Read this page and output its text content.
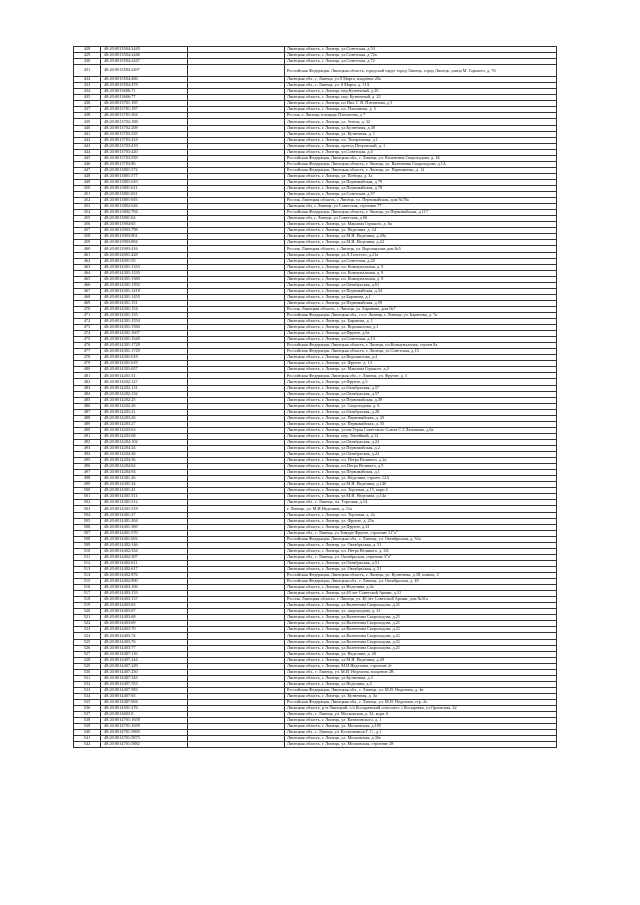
428	48:20:0013504:2445		Липецкая область, г. Липецк, ул.Советская, д.54
429	48:20:0013504:2446		Липецкая область, г. Липецк, ул.Советская, д.72а
430	48:20:0013504:2447		Липецкая область, г. Липецк, ул.Советская, д.72
431	48:20:0013504:2497		Российская Федерация, Липецкая область, городской округ город Липецк, город Липецк, улица М. Горького, д. 76
432	48:20:0013504:466		Липецкая обл., г. Липецк, ул 8 Марта, владение 20а
433	48:20:0013504:478		Липецкая обл., г. Липецк, ул. 8 Марта, д. 11А
434	48:20:0013606:71		Липецкая область, г. Липецк, пер.Кузнечный, д.20
435	48:20:0013606:77		Липецкая область, г. Липецк, пер. Кузнечный, д. 22
436	48:20:0013701:185		Липецкая область, г. Липецк, пл Ивл. Г. В. Плеханова, д 5
437	48:20:0013701:187		Липецкая область, г. Липецк, пл. Плеханова, д. 5
438	48:20:0013701:304		Россия, г. Липецк, площадь Плеханова, д 7
439	48:20:0013702:188		Липецкая область, г. Липецк, ул. Зегеля, д. 32
440	48:20:0013702:208		Липецкая область, г. Липецк, ул.Кузнечная, д.40
441	48:20:0013703:335		Липецкая область, г. Липецк, ул. Кузнечная, д. 1
442	48:20:0013703:418		Липецкая область, г. Липецк, пл. Театральная, д.1
443	48:20:0013703:419		Липецкая область, г. Липецк, проезд Петровский, д. 1
444	48:20:0013703:420		Липецкая область, г. Липецк, ул.Советская, д.4
445	48:20:0013703:559		Российская Федерация, Липецкая обл., г. Липецк, ул. Валентина Скороходова, д. 1Б
446	48:20:0013703:86		Российская Федерация, Липецкая область, г. Липецк, ул. Валентина Скороходова, д.1А
447	48:20:0013801:572		Российская Федерация, Липецкая область, г. Липецк, ул. Пархоменко, д. 12
448	48:20:0013801:577		Липецкая область, г. Липецк, ул. Победы, д. 3а
449	48:20:0013801:610		Липецкая область, г. Липецк, ул.Первомайская, д.78
450	48:20:0013801:611		Липецкая область, г. Липецк, ул.Первомайская, д.78
451	48:20:0013801:651		Липецкая область, г. Липецк, ул.Советская, д.57
452	48:20:0013801:655		Россия, Липецкая область, г. Липецк, ул. Первомайская, дом №78а
453	48:20:0013802:626		Липецкая обл, г. Липецк, ул Советская, строение 77
454	48:20:0013802:784		Российская Федерация, Липецкая область, г. Липецк, ул.Первомайская, д.117
455	48:20:0013901:62		Липецкая обл, г. Липецк, ул Советская, д 66
456	48:20:0013904:65		Липецкая область, г. Липецк, ул. Максима Горького, д. 6а
457	48:20:0013903:798		Липецкая область, г. Липецк, ул. Неделина, д. 24
458	48:20:0013903:801		Липецкая область, г. Липецк, ул.М.И. Неделина, д.20а
459	48:20:0013903:804		Липецкая область, г. Липецк, ул.М.И. Неделина, д.22
460	48:20:0013903:416		Россия, Липецкая область, г. Липецк, ул. Ворошилова дом №5
461	48:20:0014001:428		Липецкая область, г. Липецк, ул.Л.Толстого, д.21а
462	48:20:0014001:55		Липецкая область, г. Липецк, ул.Советская, д.20
463	48:20:0014301:1333		Липецкая область, г. Липецк, пл. Коммунальная, д. 5
464	48:20:0014301:1335		Липецкая область, г. Липецк, пл. Коммунальная, д. 9
465	48:20:0014301:1369		Липецкая область, г. Липецк, пл. Коммунальная, д. 9
466	48:20:0014301:1392		Липецкая область, г. Липецк, ул.Октябрьская, д.61
467	48:20:0014301:1418		Липецкая область, г. Липецк, ул.Первомайская, д.34
468	48:20:0014301:1455		Липецкая область, г. Липецк, ул.Баранова, д.1
469	48:20:0014301:151		Липецкая область, г. Липецк, ул.Первомайская, д.59
470	48:20:0014301:154		Россия, Липецкая область, г. Липецк, ул. Баранова, дом №7
471	48:20:0014301:155		Российская Федерация, Липецкая обл., г.о.г. Липецк, г. Липецк, ул. Баранова, д. 7а
472	48:20:0014301:1554		Липецкая область, г. Липецк, ул. Баранова, д. 1
473	48:20:0014301:1560		Липецкая область, г. Липецк, ул. Ворошилова, д.1
474	48:20:0014301:1607		Липецкая область, г. Липецк, ул.Фрунзе, д.6а
475	48:20:0014301:1649		Липецкая область, г. Липецк, ул.Советская, д.13
476	48:20:0014301:1728		Российская Федерация, Липецкая область, г. Липецк, пл.Коммунальная, строен 8а
477	48:20:0014301:1729		Российская Федерация, Липецкая область, г. Липецк, ул.Советская, д.15
478	48:20:0014301:618		Липецкая область, г. Липецк, ул.Ворошилова, д.4
479	48:20:0014301:619		Липецкая область, г. Липецк, ул. Фрунзе, д. 14
480	48:20:0014301:657		Липецкая область, г. Липецк, ул. Максима Горького, д.4
481	48:20:0014201:51		Российская Федерация, Липецкая обл., г. Липецк, ул. Фрунзе, д. 3
482	48:20:0014202:127		Липецкая область, г. Липецк, ул.Фрунзе, д.5
483	48:20:0014202:131		Липецкая область, г. Липецк, ул.Октябрьская, д.57
484	48:20:0014202:132		Липецкая область, г. Липецк, ул.Октябрьская, д.57
485	48:20:0014202:25		Липецкая область, г. Липецк, ул.Первомайская, д.49
486	48:20:0014202:26		Липецкая область, г. Липецк, ул. Скороходова, д. 6
487	48:20:0014203:21		Липецкая область, г. Липецк, ул.Октябрьская, д.28
488	48:20:0014203:26		Липецкая область, г. Липецк, ул. Первомайская, д. 35
489	48:20:0014203:27		Липецкая область, г. Липецк, ул. Первомайская, д. 35
490	48:20:0014203:63		Липецкая область, г. Липецк, ул.им Героя Советского Союза С.Г.Латышева, д.6а
491	48:20:0014203:68		Липецкая область, г. Липецк, пер. Литейный, д.12
492	48:20:0014204:102		Липецкая область, г. Липецк, ул.Октябрьская, д.24
493	48:20:0014204:24		Липецкая область, г. Липецк, ул.Первомайская, д.2
494	48:20:0014204:26		Липецкая область, г. Липецк, ул.Октябрьская, д.22
495	48:20:0014204:36		Липецкая область, г. Липецк, пл. Петра Великого, д.2а
496	48:20:0014204:62		Липецкая область, г. Липецк, пл.Петра Великого, д.5
497	48:20:0014204:94		Липецкая область, г. Липецк, ул.Первомайская, д.1
498	48:20:0014301:26		Липецкая область, г. Липецк, ул. Неделина, строен. 12А
499	48:20:0014301:34		Липецкая область, г. Липецк, ул.М.И. Неделина, д.14б
500	48:20:0014301:41		Липецкая область, г. Липецк, пл. Торговая, д.15, корп.4
501	48:20:0014301:511		Липецкая область, г. Липецк, ул.М.И. Неделина, д.14а
502	48:20:0014301:512		Липецкая обл., г. Липецк, пл. Торговая, д.14
503	48:20:0014301:518		г. Липецк, ул. М.И.Неделина, д. 11а
504	48:20:0014401:27		Липецкая область, г. Липецк, пл. Торговая, д. 2а
505	48:20:0014401:284		Липецкая область, г. Липецк, ул. Фрунзе, д. 25а
506	48:20:0014401:369		Липецкая область, г. Липецк, ул.Фрунзе, д.21
507	48:20:0014401:570		Липецкая обл., г. Липецк, ул.Тимура Фрунзе, строение 21"а"
508	48:20:0014401:692		Российская Федерация, Липецкая обл., г. Липецк, ул. Октябрьская, д. 52а
509	48:20:0014402:146		Липецкая область, г. Липецк, ул. Октябрьская, д. 51
510	48:20:0014402:334		Липецкая область, г. Липецк, пл. Петра Великого, д. 4А
511	48:20:0014402:387		Липецкая обл., г. Липецк, ул. Октябрьская, строение 3"а"
512	48:20:0014402:611		Липецкая область, г. Липецк, ул.Октябрьская, д.51
513	48:20:0014402:617		Липецкая область, г. Липецк, ул. Октябрьская, д. 51
514	48:20:0014402:876		Российская Федерация, Липецкая область, г. Липецк, ул. Кузнечная, д.38, помещ. 2
515	48:20:0014402:890		Российская Федерация, Липецкая обл., г. Липецк, ул. Октябрьская, д. 49
516	48:20:0014403:106		Липецкая область, г. Липецк, ул.Неделина, д.4а
517	48:20:0014403:133		Липецкая область, г. Липецк, ул.40 лет Советской Армии, д.31
518	48:20:0014403:137		Россия, Липецкая область, г. Липецк, ул. 40 лет Советской Армии, дом №31а
519	48:20:0014403:65		Липецкая область, г. Липецк, ул.Валентина Скороходова, д.21
520	48:20:0014403:67		Липецкая область, г. Липецк, ул. скороходова, д. 21
521	48:20:0014403:68		Липецкая область, г. Липецк, ул.Валентина Скороходова, д.21
522	48:20:0014403:69		Липецкая область, г. Липецк, ул.Валентина Скороходова, д.21
523	48:20:0014403:70		Липецкая область, г. Липецк, ул.Валентина Скороходова, д.21
524	48:20:0014403:74		Липецкая область, г. Липецк, ул.Валентина Скороходова, д.21
525	48:20:0014403:76		Липецкая область, г. Липецк, ул.Валентина Скороходова, д.21
526	48:20:0014403:77		Липецкая область, г. Липецк, ул.Валентина Скороходова, д.21
527	48:20:0014407:116		Липецкая область, г. Липецк, ул. Неделина, д. 20
528	48:20:0014407:244		Липецкая область, г. Липецк, ул.М.И. Неделина, д.28
529	48:20:0014407:249		Липецкая область, г. Липецк, М.И.Неделина, строение 2г
530	48:20:0014407:250		Липецкая обл., г. Липецк, ул. М.И. Неделина, владение 2В
531	48:20:0014407:343		Липецкая область, г. Липецк, ул.Кузнечная, д.3
532	48:20:0014407:353		Липецкая область, г. Липецк, ул.Неделина, д.4
533	48:20:0014407:583		Российская Федерация, Липецкая обл., г. Липецк, ул. М.И. Неделина, д. 4в
534	48:20:0014407:65		Липецкая область, г. Липецк, ул. Кузнечная, д. 3а
535	48:20:0014407:694		Российская Федерация, Липецкая обл., г. Липецк, ул. М.И. Неделина, стр. 2о
536	48:20:0014501:276		Липецкая область, р-н Липецкий, с/п Косыревский сельсовет, с Косыревка, ул.Орловская, 42
537	48:20:0014603:9		Липецкая обл., г. Липецк, ул. Московская, д. 32, корп. 6
538	48:20:0014701:1658		Липецкая область, г. Липецк, ул. Катихинского, д. 1
539	48:20:0014701:1659		Липецкая область, г. Липецк, ул. Московская, д.105
540	48:20:0014701:5869		Липецкая обл., г. Липецк, ул. Космонавтов Г. С., д.1
541	48:20:0014701:5875		Липецкая область, г. Липецк, ул. Московская, д.36е
542	48:20:0014701:5882		Липецкая область, г. Липецк, ул. Московская, строение 28
